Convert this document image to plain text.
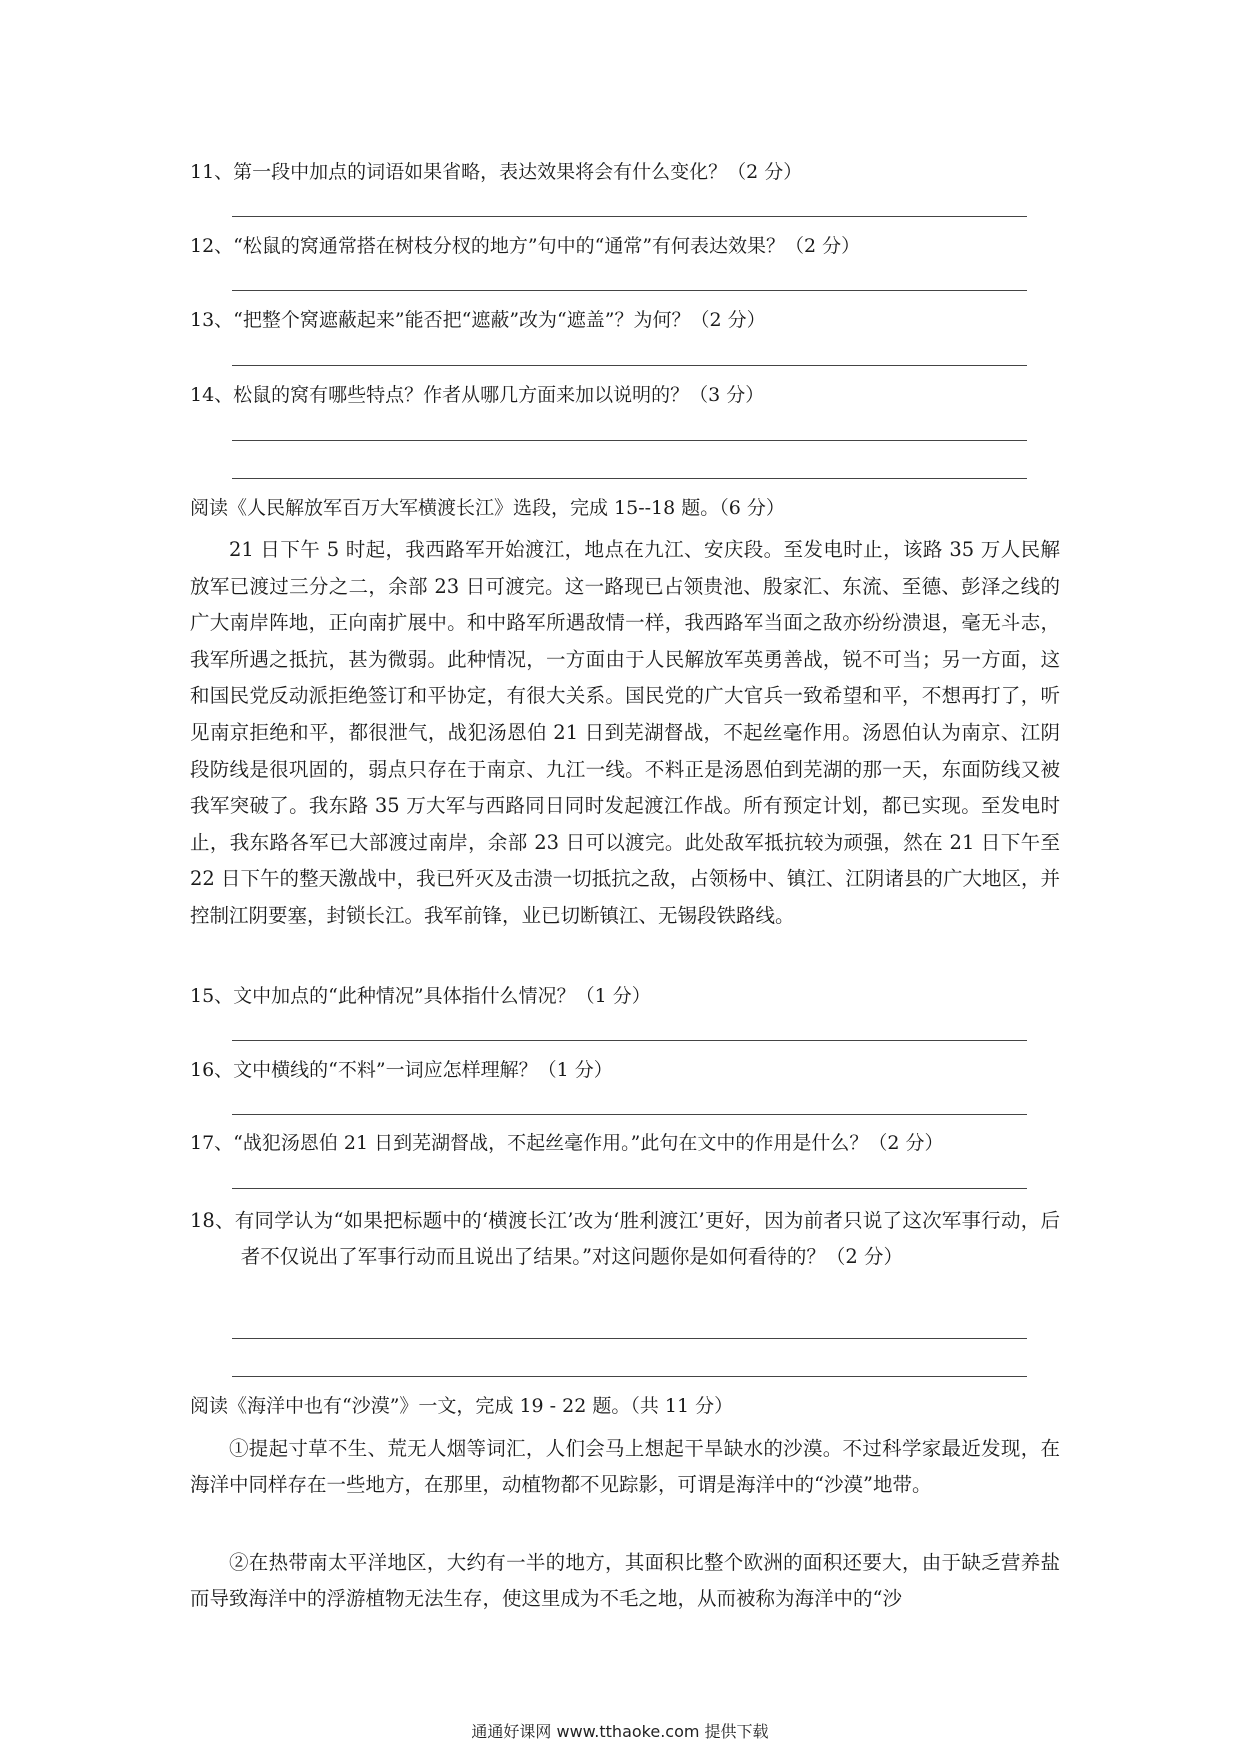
11、第一段中加点的词语如果省略，表达效果将会有什么变化？（2 分）
12、“松鼠的窝通常搭在树枝分杈的地方”句中的“通常”有何表达效果？（2 分）
13、“把整个窝遮蔽起来”能否把“遮蔽”改为“遮盖”？为何？（2 分）
14、松鼠的窝有哪些特点？作者从哪几方面来加以说明的？（3 分）
阅读《人民解放军百万大军横渡长江》选段，完成 15--18 题。（6 分）

21 日下午 5 时起，我西路军开始渡江，地点在九江、安庆段。至发电时止，该路 35 万人民解放军已渡过三分之二，余部 23 日可渡完。这一路现已占领贵池、殷家汇、东流、至德、彭泽之线的广大南岸阵地，正向南扩展中。和中路军所遇敌情一样，我西路军当面之敌亦纷纷溃退，毫无斗志，我军所遇之抵抗，甚为微弱。此种情况，一方面由于人民解放军英勇善战，锐不可当；另一方面，这和国民党反动派拒绝签订和平协定，有很大关系。国民党的广大官兵一致希望和平，不想再打了，听见南京拒绝和平，都很泄气，战犯汤恩伯 21 日到芜湖督战，不起丝毫作用。汤恩伯认为南京、江阴段防线是很巩固的，弱点只存在于南京、九江一线。不料正是汤恩伯到芜湖的那一天，东面防线又被我军突破了。我东路 35 万大军与西路同日同时发起渡江作战。所有预定计划，都已实现。至发电时止，我东路各军已大部渡过南岸，余部 23 日可以渡完。此处敌军抵抗较为顽强，然在 21 日下午至 22 日下午的整天激战中，我已歼灭及击溃一切抵抗之敌，占领杨中、镇江、江阴诸县的广大地区，并控制江阴要塞，封锁长江。我军前锋，业已切断镇江、无锡段铁路线。

15、文中加点的“此种情况”具体指什么情况？（1 分）
16、文中横线的“不料”一词应怎样理解？（1 分）
17、“战犯汤恩伯 21 日到芜湖督战，不起丝毫作用。”此句在文中的作用是什么？（2 分）

18、有同学认为“如果把标题中的‘横渡长江’改为‘胜利渡江’更好，因为前者只说了这次军事行动，后者不仅说出了军事行动而且说出了结果。”对这问题你是如何看待的？（2 分）

阅读《海洋中也有“沙漠”》一文，完成 19 - 22 题。（共 11 分）

①提起寸草不生、荒无人烟等词汇，人们会马上想起干旱缺水的沙漠。不过科学家最近发现，在海洋中同样存在一些地方，在那里，动植物都不见踪影，可谓是海洋中的“沙漠”地带。

②在热带南太平洋地区，大约有一半的地方，其面积比整个欧洲的面积还要大，由于缺乏营养盐而导致海洋中的浮游植物无法生存，使这里成为不毛之地，从而被称为海洋中的“沙

通通好课网 www.tthaoke.com 提供下载
